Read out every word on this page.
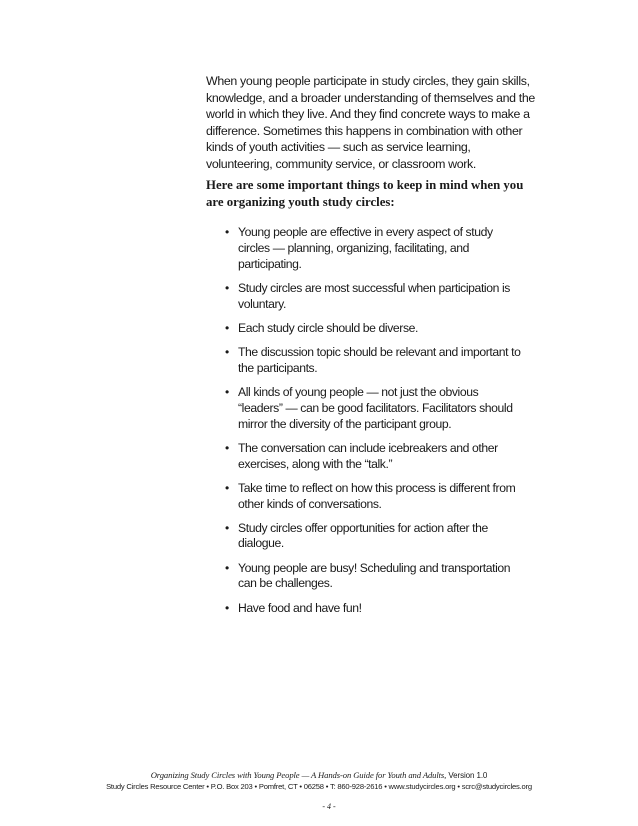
When young people participate in study circles, they gain skills, knowledge, and a broader understanding of themselves and the world in which they live. And they find concrete ways to make a difference. Sometimes this happens in combination with other kinds of youth activities — such as service learning, volunteering, community service, or classroom work.

Here are some important things to keep in mind when you are organizing youth study circles:

• Young people are effective in every aspect of study circles — planning, organizing, facilitating, and participating.
• Study circles are most successful when participation is voluntary.
• Each study circle should be diverse.
• The discussion topic should be relevant and important to the participants.
• All kinds of young people — not just the obvious “leaders” — can be good facilitators. Facilitators should mirror the diversity of the participant group.
• The conversation can include icebreakers and other exercises, along with the “talk.”
• Take time to reflect on how this process is different from other kinds of conversations.
• Study circles offer opportunities for action after the dialogue.
• Young people are busy! Scheduling and transportation can be challenges.
• Have food and have fun!

Organizing Study Circles with Young People — A Hands-on Guide for Youth and Adults, Version 1.0

Study Circles Resource Center • P.O. Box 203 • Pomfret, CT • 06258 • T: 860-928-2616 • www.studycircles.org • scrc@studycircles.org

- 4 -
